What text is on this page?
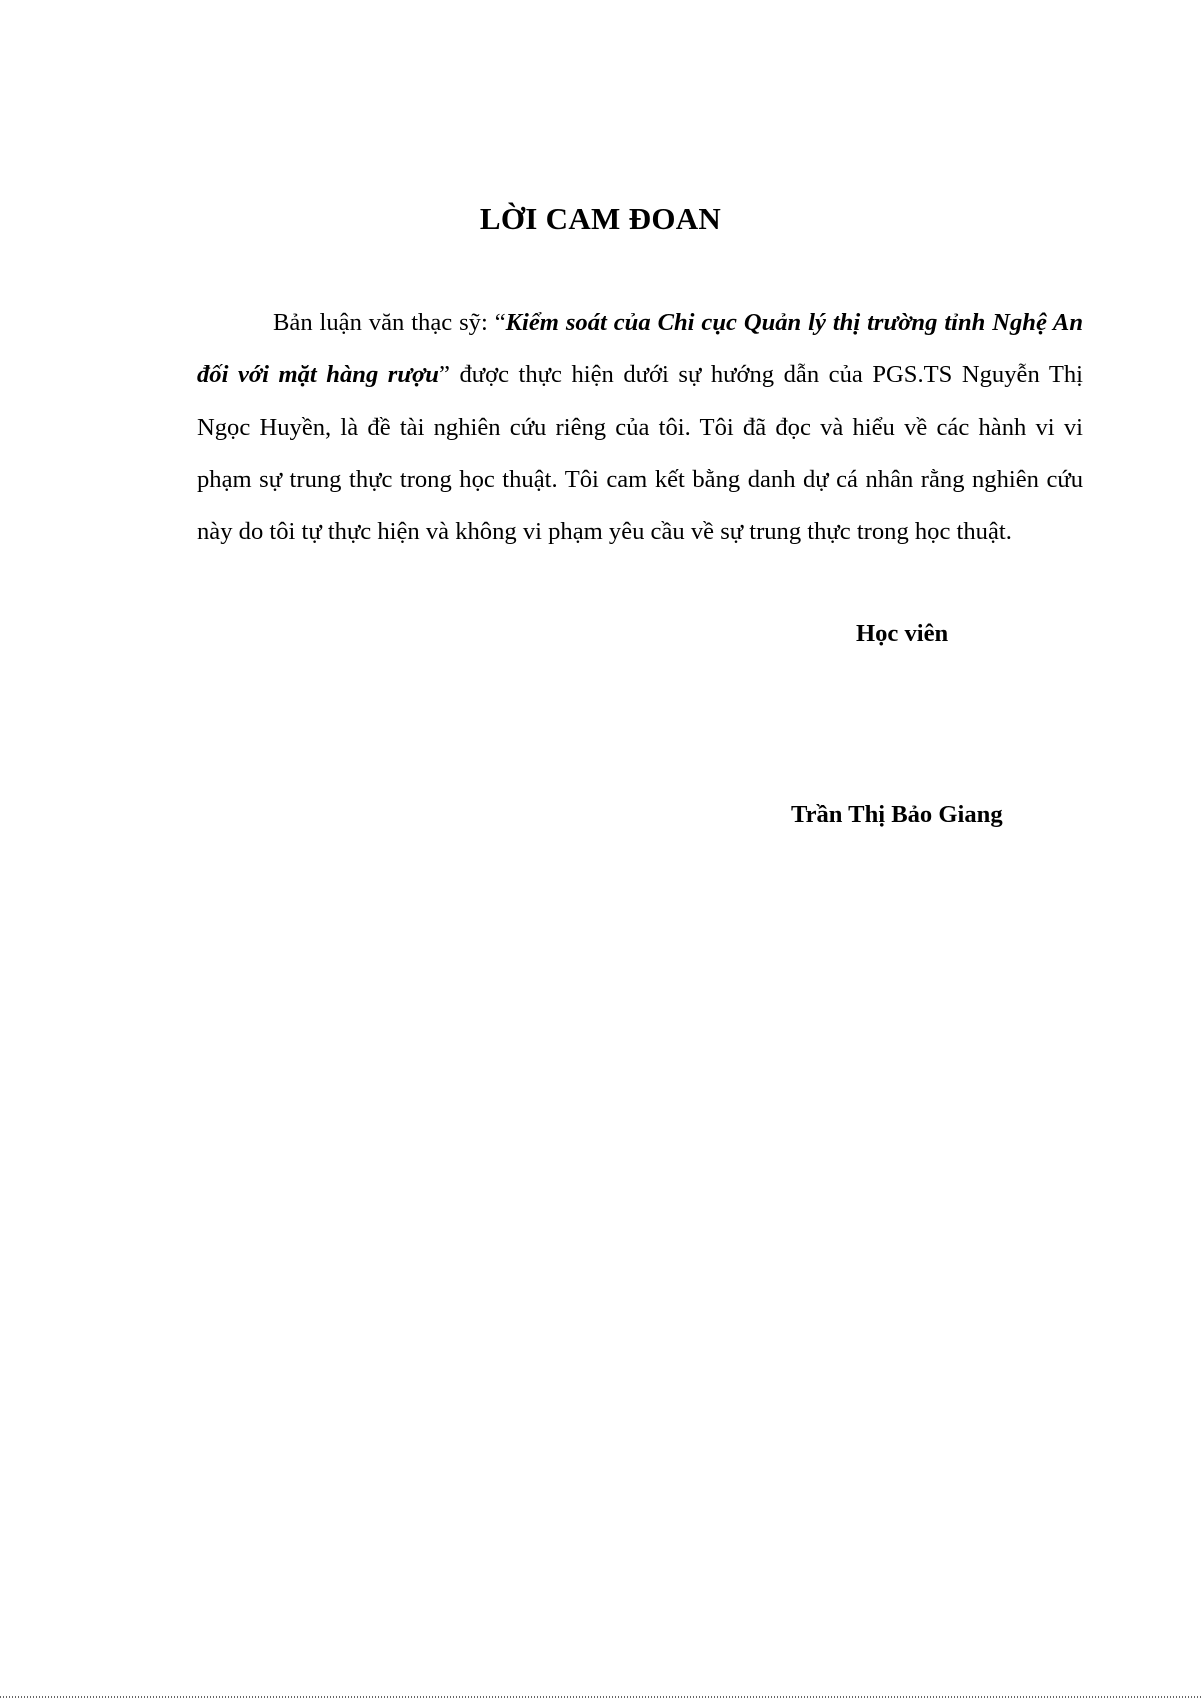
LỜI CAM ĐOAN
Bản luận văn thạc sỹ: “Kiểm soát của Chi cục Quản lý thị trường tỉnh Nghệ An đối với mặt hàng rượu” được thực hiện dưới sự hướng dẫn của PGS.TS Nguyễn Thị Ngọc Huyền, là đề tài nghiên cứu riêng của tôi. Tôi đã đọc và hiểu về các hành vi vi phạm sự trung thực trong học thuật. Tôi cam kết bằng danh dự cá nhân rằng nghiên cứu này do tôi tự thực hiện và không vi phạm yêu cầu về sự trung thực trong học thuật.
Học viên
Trần Thị Bảo Giang
